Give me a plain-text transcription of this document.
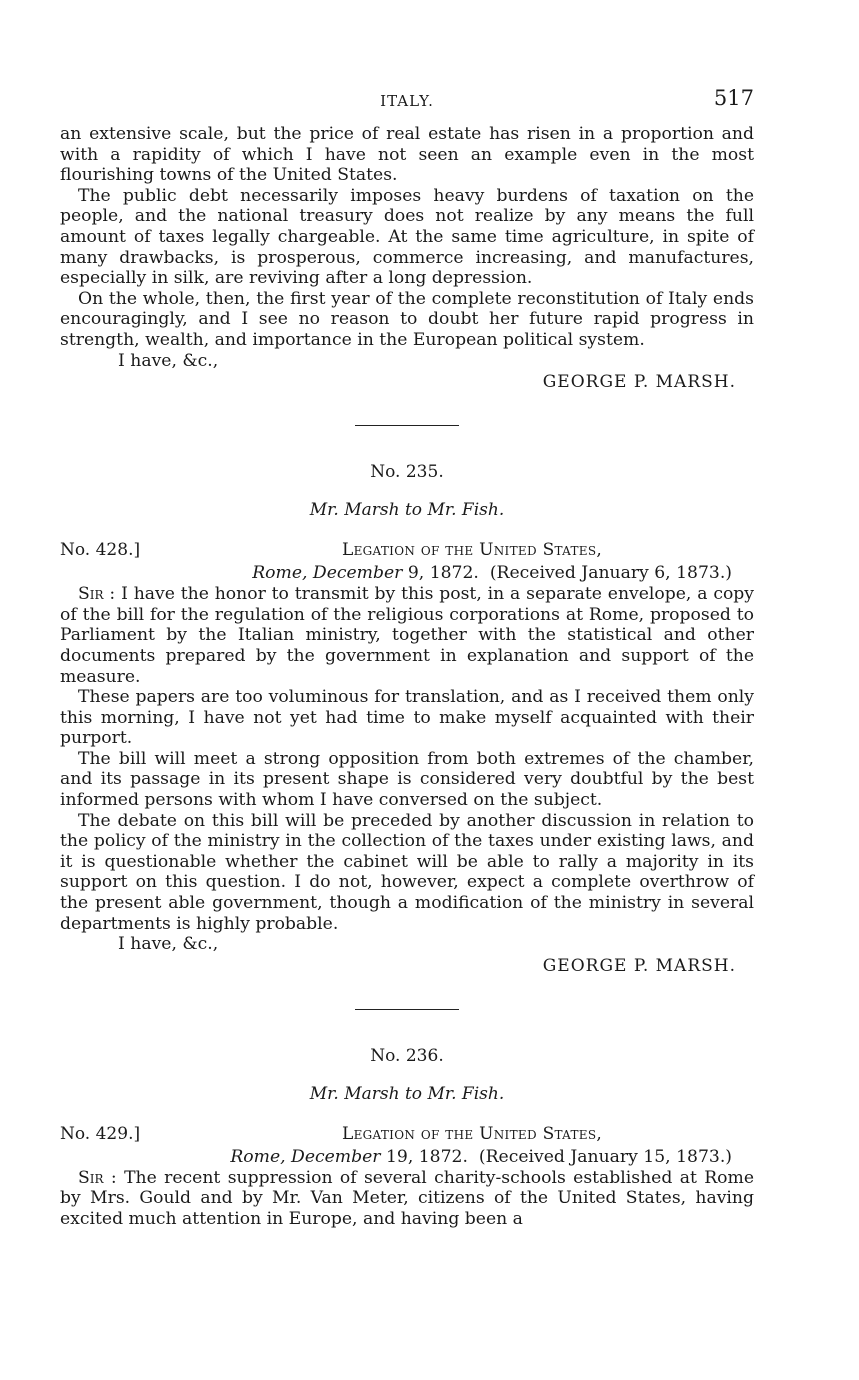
ITALY.	517

an extensive scale, but the price of real estate has risen in a proportion and with a rapidity of which I have not seen an example even in the most flourishing towns of the United States.

The public debt necessarily imposes heavy burdens of taxation on the people, and the national treasury does not realize by any means the full amount of taxes legally chargeable. At the same time agriculture, in spite of many drawbacks, is prosperous, commerce increasing, and manufactures, especially in silk, are reviving after a long depression.

On the whole, then, the first year of the complete reconstitution of Italy ends encouragingly, and I see no reason to doubt her future rapid progress in strength, wealth, and importance in the European political system.

I have, &c.,
GEORGE P. MARSH.
No. 235.
Mr. Marsh to Mr. Fish.
No. 428.]	Legation of the United States,
Rome, December 9, 1872. (Received January 6, 1873.)

Sir : I have the honor to transmit by this post, in a separate envelope, a copy of the bill for the regulation of the religious corporations at Rome, proposed to Parliament by the Italian ministry, together with the statistical and other documents prepared by the government in explanation and support of the measure.

These papers are too voluminous for translation, and as I received them only this morning, I have not yet had time to make myself acquainted with their purport.

The bill will meet a strong opposition from both extremes of the chamber, and its passage in its present shape is considered very doubtful by the best informed persons with whom I have conversed on the subject.

The debate on this bill will be preceded by another discussion in relation to the policy of the ministry in the collection of the taxes under existing laws, and it is questionable whether the cabinet will be able to rally a majority in its support on this question. I do not, however, expect a complete overthrow of the present able government, though a modification of the ministry in several departments is highly probable.

I have, &c.,
GEORGE P. MARSH.
No. 236.
Mr. Marsh to Mr. Fish.
No. 429.]	Legation of the United States,
Rome, December 19, 1872. (Received January 15, 1873.)

Sir : The recent suppression of several charity-schools established at Rome by Mrs. Gould and by Mr. Van Meter, citizens of the United States, having excited much attention in Europe, and having been a
